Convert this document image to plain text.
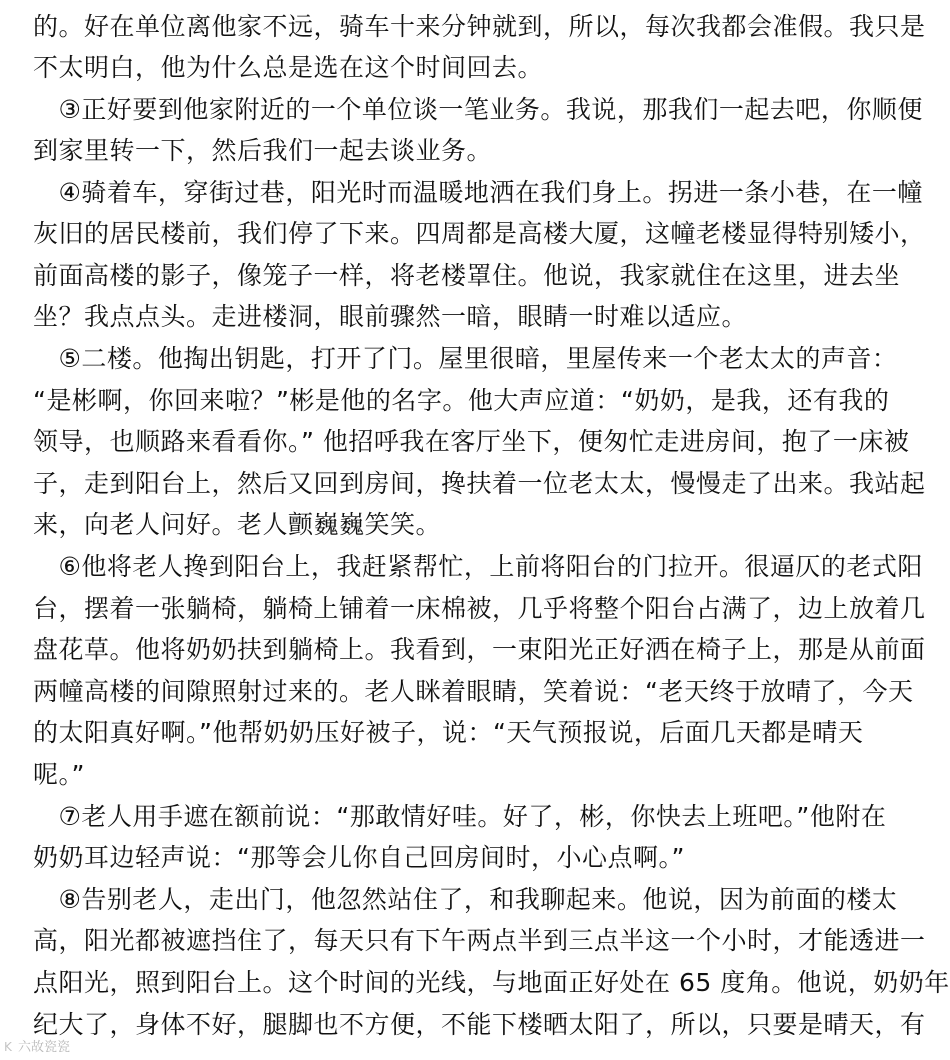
的。好在单位离他家不远，骑车十来分钟就到，所以，每次我都会准假。我只是
不太明白，他为什么总是选在这个时间回去。
　③正好要到他家附近的一个单位谈一笔业务。我说，那我们一起去吧，你顺便
到家里转一下，然后我们一起去谈业务。
　④骑着车，穿街过巷，阳光时而温暖地洒在我们身上。拐进一条小巷，在一幢
灰旧的居民楼前，我们停了下来。四周都是高楼大厦，这幢老楼显得特别矮小，
前面高楼的影子，像笼子一样，将老楼罩住。他说，我家就住在这里，进去坐
坐？我点点头。走进楼洞，眼前骤然一暗，眼睛一时难以适应。
　⑤二楼。他掏出钥匙，打开了门。屋里很暗，里屋传来一个老太太的声音：
“是彬啊，你回来啦？”彬是他的名字。他大声应道：“奶奶，是我，还有我的
领导，也顺路来看看你。” 他招呼我在客厅坐下，便匆忙走进房间，抱了一床被
子，走到阳台上，然后又回到房间，搀扶着一位老太太，慢慢走了出来。我站起
来，向老人问好。老人颤巍巍笑笑。
　⑥他将老人搀到阳台上，我赶紧帮忙，上前将阳台的门拉开。很逼仄的老式阳
台，摆着一张躺椅，躺椅上铺着一床棉被，几乎将整个阳台占满了，边上放着几
盘花草。他将奶奶扶到躺椅上。我看到，一束阳光正好洒在椅子上，那是从前面
两幢高楼的间隙照射过来的。老人眯着眼睛，笑着说：“老天终于放晴了，今天
的太阳真好啊。”他帮奶奶压好被子，说：“天气预报说，后面几天都是晴天
呢。”
　⑦老人用手遮在额前说：“那敢情好哇。好了，彬，你快去上班吧。”他附在
奶奶耳边轻声说：“那等会儿你自己回房间时，小心点啊。”
　⑧告别老人，走出门，他忽然站住了，和我聊起来。他说，因为前面的楼太
高，阳光都被遮挡住了，每天只有下午两点半到三点半这一个小时，才能透进一
点阳光，照到阳台上。这个时间的光线，与地面正好处在 65 度角。他说，奶奶年
纪大了，身体不好，腿脚也不方便，不能下楼晒太阳了，所以，只要是晴天，有
K 六故瓷瓷
